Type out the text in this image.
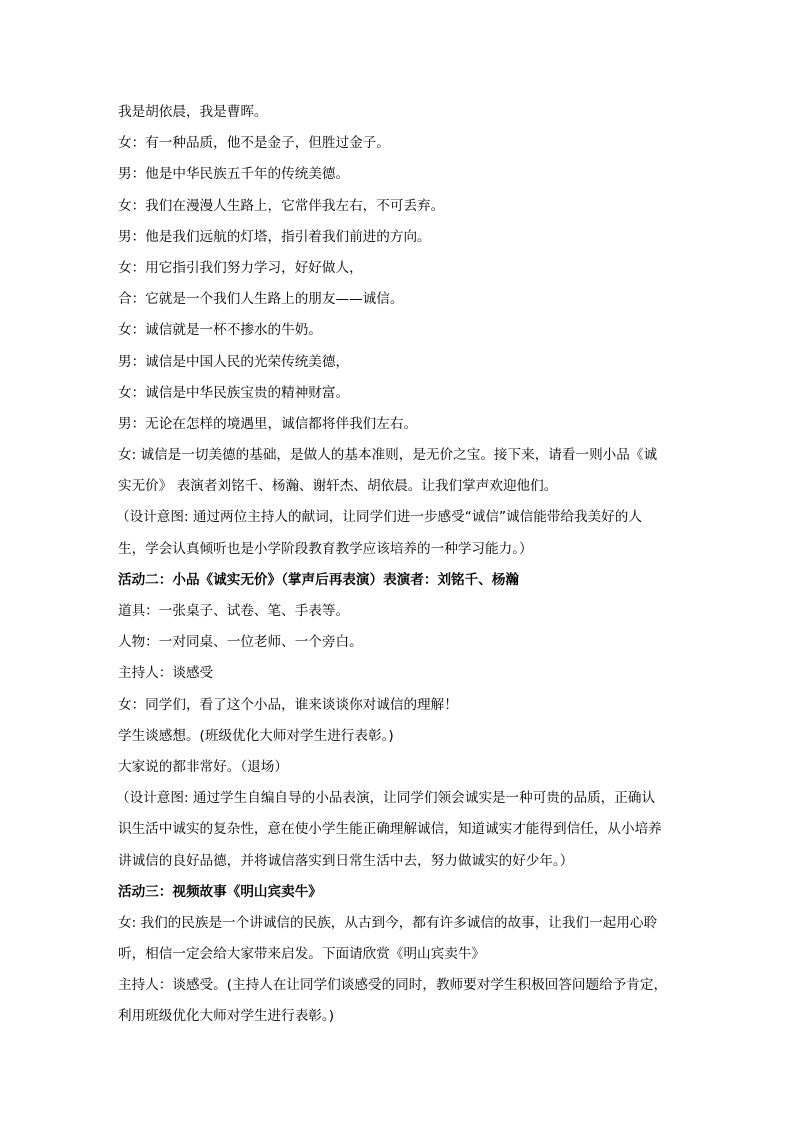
我是胡依晨，我是曹晖。
女：有一种品质，他不是金子，但胜过金子。
男：他是中华民族五千年的传统美德。
女：我们在漫漫人生路上，它常伴我左右，不可丢弃。
男：他是我们远航的灯塔，指引着我们前进的方向。
女：用它指引我们努力学习，好好做人，
合：它就是一个我们人生路上的朋友——诚信。
女：诚信就是一杯不掺水的牛奶。
男：诚信是中国人民的光荣传统美德，
女：诚信是中华民族宝贵的精神财富。
男：无论在怎样的境遇里，诚信都将伴我们左右。
女: 诚信是一切美德的基础，是做人的基本准则，是无价之宝。接下来，请看一则小品《诚
实无价》 表演者刘铭千、杨瀚、谢轩杰、胡依晨。让我们掌声欢迎他们。
（设计意图: 通过两位主持人的献词，让同学们进一步感受“诚信”诚信能带给我美好的人
生，学会认真倾听也是小学阶段教育教学应该培养的一种学习能力。）
活动二：小品《诚实无价》（掌声后再表演）表演者：刘铭千、杨瀚
道具：一张桌子、试卷、笔、手表等。
人物：一对同桌、一位老师、一个旁白。
主持人：谈感受
女：同学们，看了这个小品，谁来谈谈你对诚信的理解！
学生谈感想。(班级优化大师对学生进行表彰。)
大家说的都非常好。（退场）
（设计意图: 通过学生自编自导的小品表演，让同学们领会诚实是一种可贵的品质，正确认
识生活中诚实的复杂性，意在使小学生能正确理解诚信，知道诚实才能得到信任，从小培养
讲诚信的良好品德，并将诚信落实到日常生活中去，努力做诚实的好少年。）
活动三：视频故事《明山宾卖牛》
女: 我们的民族是一个讲诚信的民族，从古到今，都有许多诚信的故事，让我们一起用心聆
听，相信一定会给大家带来启发。下面请欣赏《明山宾卖牛》
主持人：谈感受。(主持人在让同学们谈感受的同时，教师要对学生积极回答问题给予肯定，
利用班级优化大师对学生进行表彰。)
